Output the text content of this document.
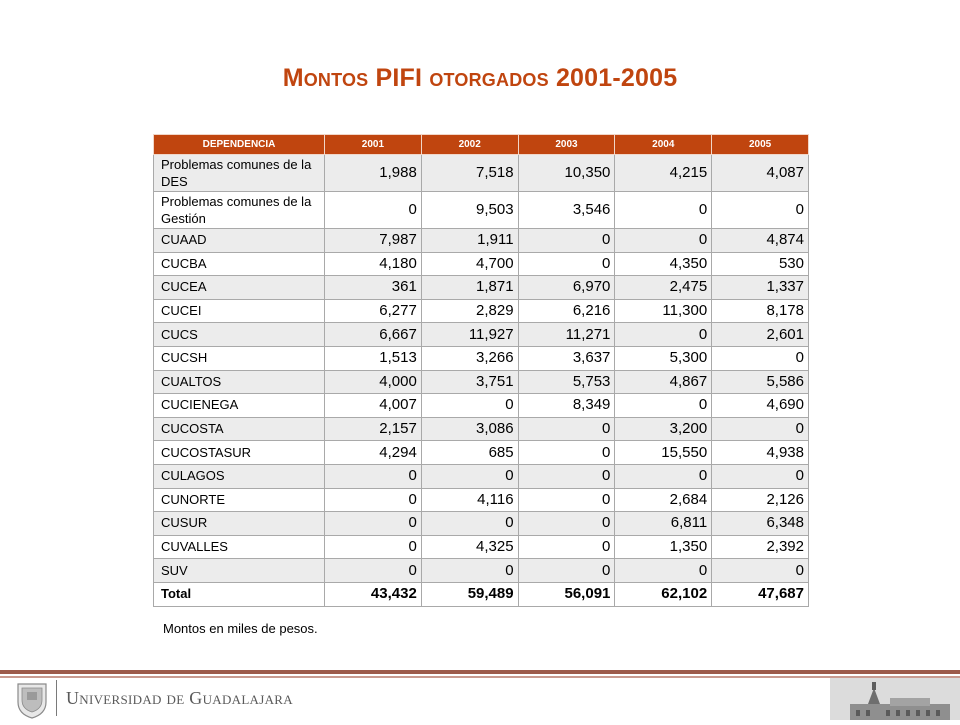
Montos PIFI otorgados 2001-2005
DEPENDENCIA	2001	2002	2003	2004	2005
Problemas comunes de la DES	1,988	7,518	10,350	4,215	4,087
Problemas comunes de la Gestión	0	9,503	3,546	0	0
CUAAD	7,987	1,911	0	0	4,874
CUCBA	4,180	4,700	0	4,350	530
CUCEA	361	1,871	6,970	2,475	1,337
CUCEI	6,277	2,829	6,216	11,300	8,178
CUCS	6,667	11,927	11,271	0	2,601
CUCSH	1,513	3,266	3,637	5,300	0
CUALTOS	4,000	3,751	5,753	4,867	5,586
CUCIENEGA	4,007	0	8,349	0	4,690
CUCOSTA	2,157	3,086	0	3,200	0
CUCOSTASUR	4,294	685	0	15,550	4,938
CULAGOS	0	0	0	0	0
CUNORTE	0	4,116	0	2,684	2,126
CUSUR	0	0	0	6,811	6,348
CUVALLES	0	4,325	0	1,350	2,392
SUV	0	0	0	0	0
Total	43,432	59,489	56,091	62,102	47,687
Montos en miles de pesos.
Universidad de Guadalajara
